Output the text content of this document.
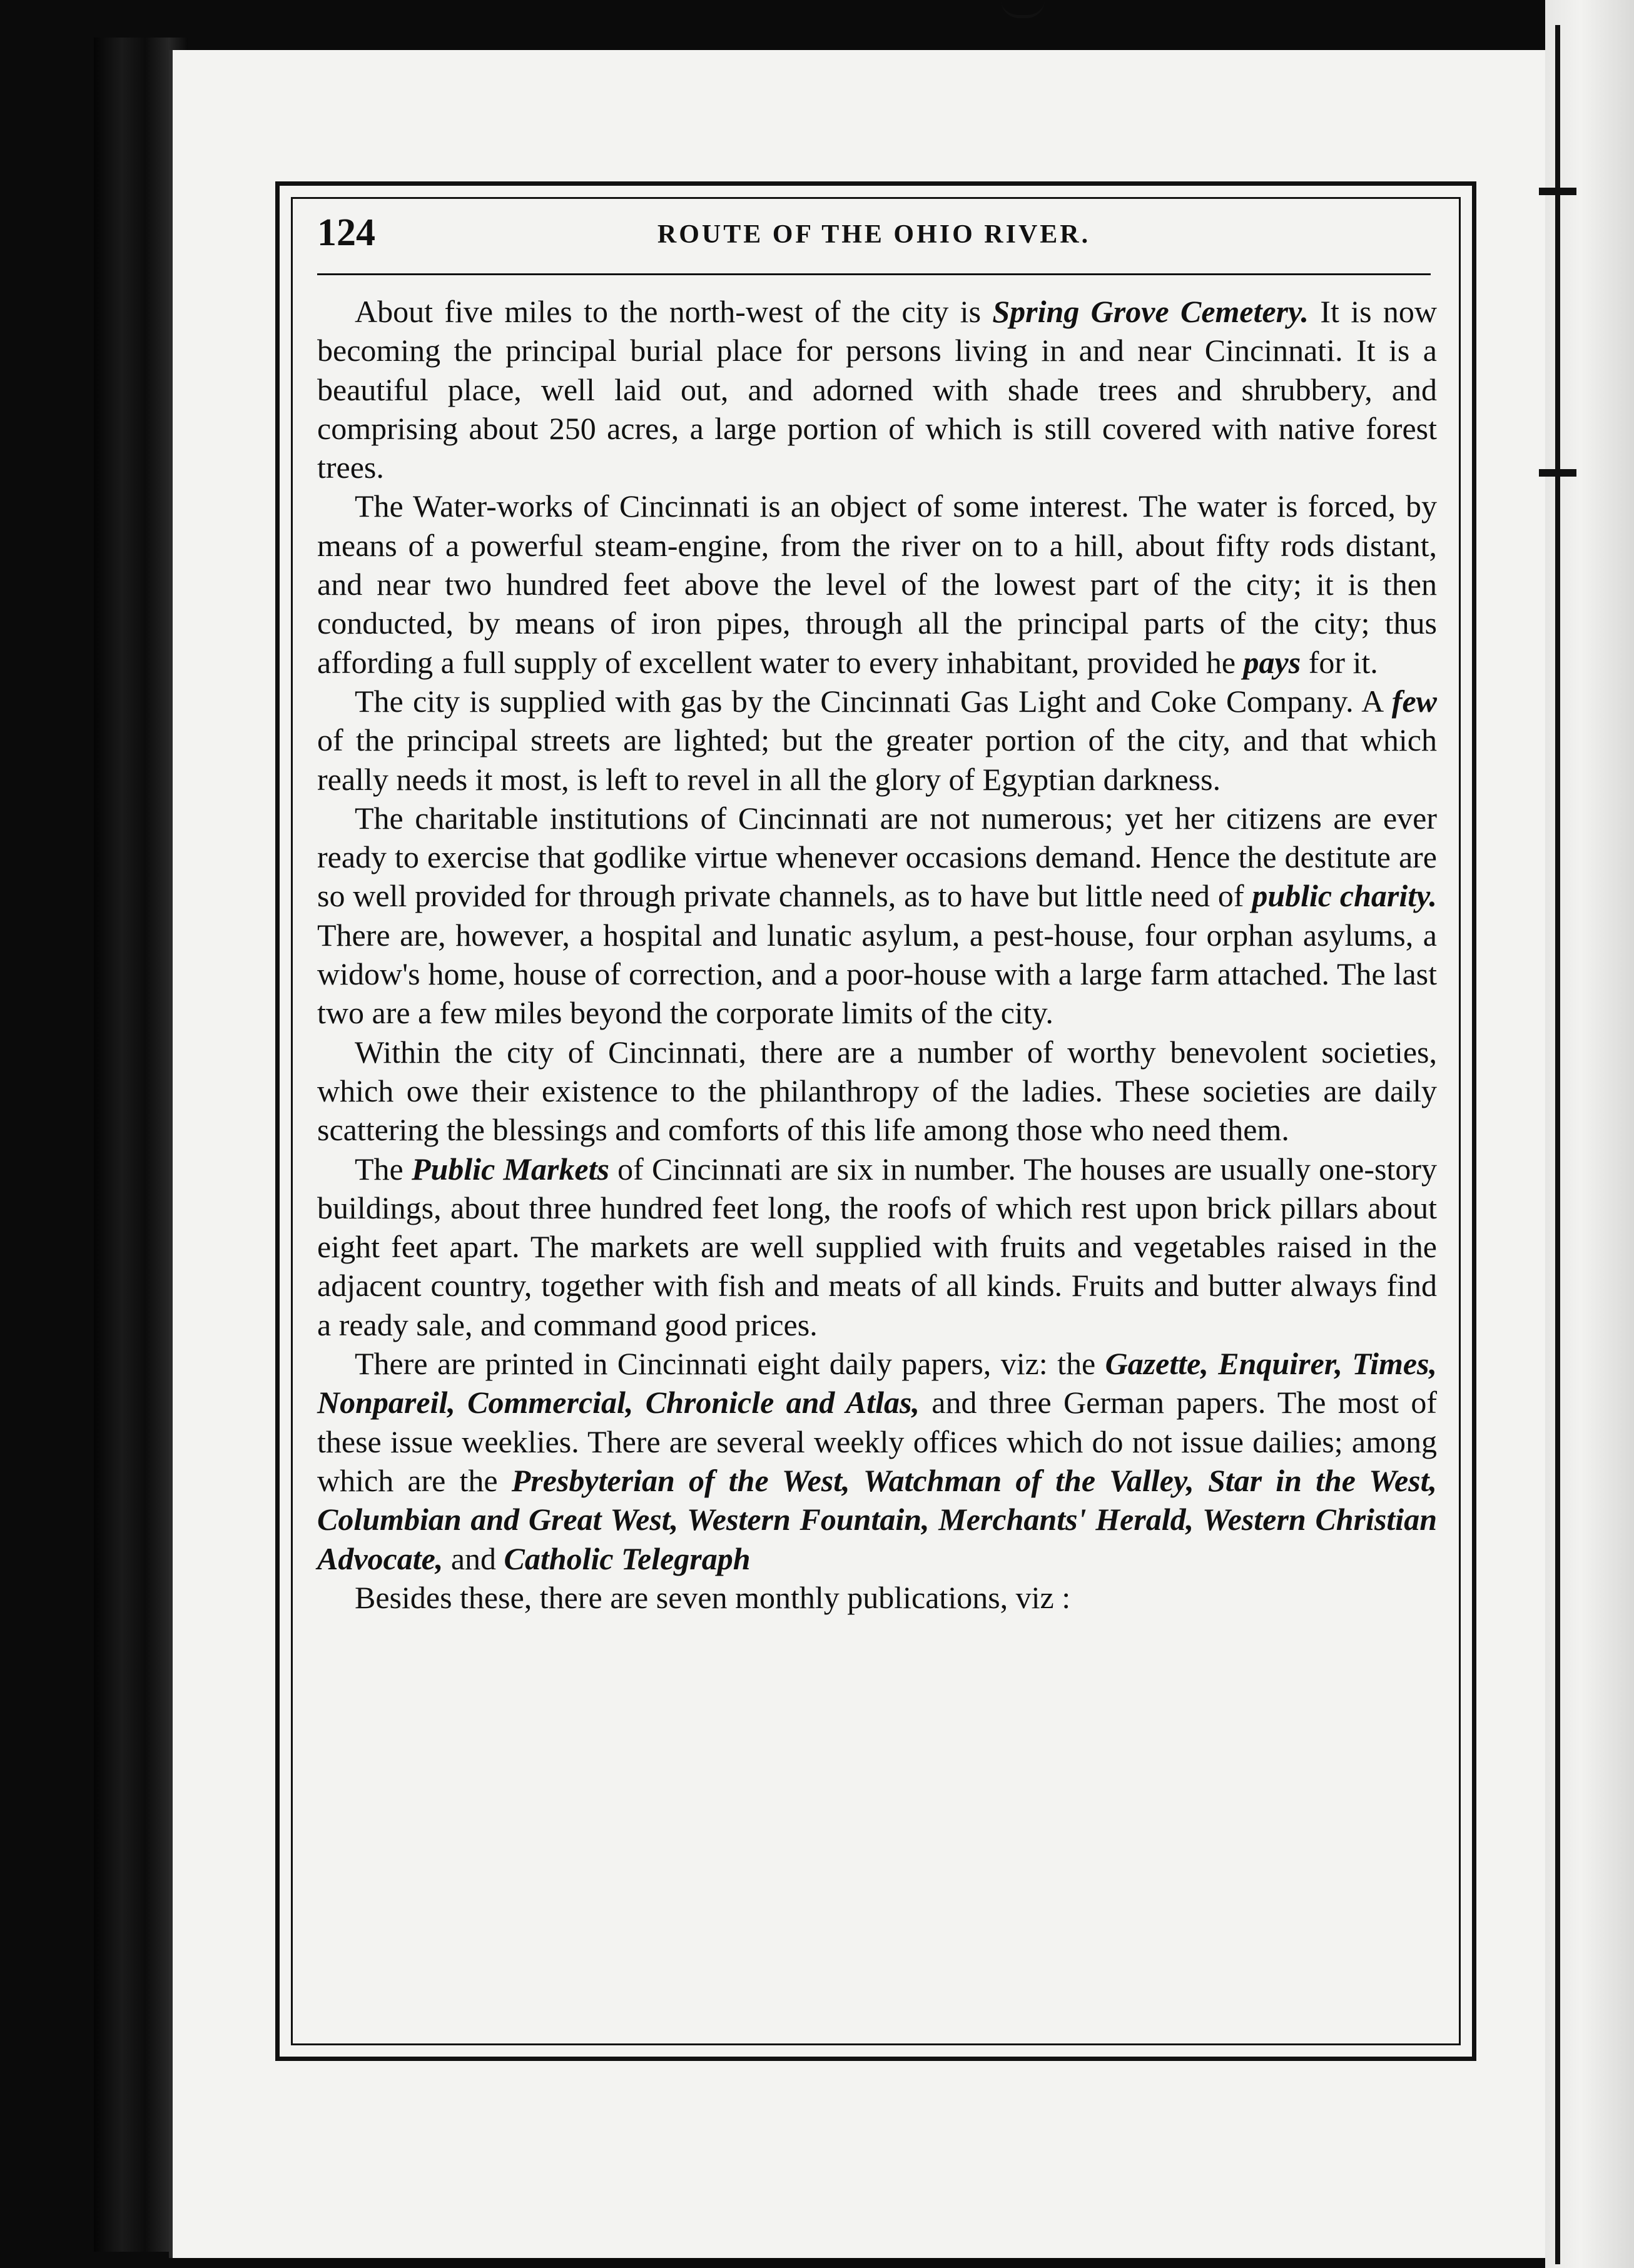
124	ROUTE OF THE OHIO RIVER.

About five miles to the north-west of the city is Spring Grove Cemetery. It is now becoming the principal burial place for persons living in and near Cincinnati. It is a beautiful place, well laid out, and adorned with shade trees and shrubbery, and comprising about 250 acres, a large portion of which is still covered with native forest trees.

The Water-works of Cincinnati is an object of some interest. The water is forced, by means of a powerful steam-engine, from the river on to a hill, about fifty rods distant, and near two hundred feet above the level of the lowest part of the city; it is then conducted, by means of iron pipes, through all the principal parts of the city; thus affording a full supply of excellent water to every inhabitant, provided he pays for it.

The city is supplied with gas by the Cincinnati Gas Light and Coke Company. A few of the principal streets are lighted; but the greater portion of the city, and that which really needs it most, is left to revel in all the glory of Egyptian darkness.

The charitable institutions of Cincinnati are not numerous; yet her citizens are ever ready to exercise that godlike virtue whenever occasions demand. Hence the destitute are so well provided for through private channels, as to have but little need of public charity. There are, however, a hospital and lunatic asylum, a pest-house, four orphan asylums, a widow's home, house of correction, and a poor-house with a large farm attached. The last two are a few miles beyond the corporate limits of the city.

Within the city of Cincinnati, there are a number of worthy benevolent societies, which owe their existence to the philanthropy of the ladies. These societies are daily scattering the blessings and comforts of this life among those who need them.

The Public Markets of Cincinnati are six in number. The houses are usually one-story buildings, about three hundred feet long, the roofs of which rest upon brick pillars about eight feet apart. The markets are well supplied with fruits and vegetables raised in the adjacent country, together with fish and meats of all kinds. Fruits and butter always find a ready sale, and command good prices.

There are printed in Cincinnati eight daily papers, viz: the Gazette, Enquirer, Times, Nonpareil, Commercial, Chronicle and Atlas, and three German papers. The most of these issue weeklies. There are several weekly offices which do not issue dailies; among which are the Presbyterian of the West, Watchman of the Valley, Star in the West, Columbian and Great West, Western Fountain, Merchants' Herald, Western Christian Advocate, and Catholic Telegraph

Besides these, there are seven monthly publications, viz :
